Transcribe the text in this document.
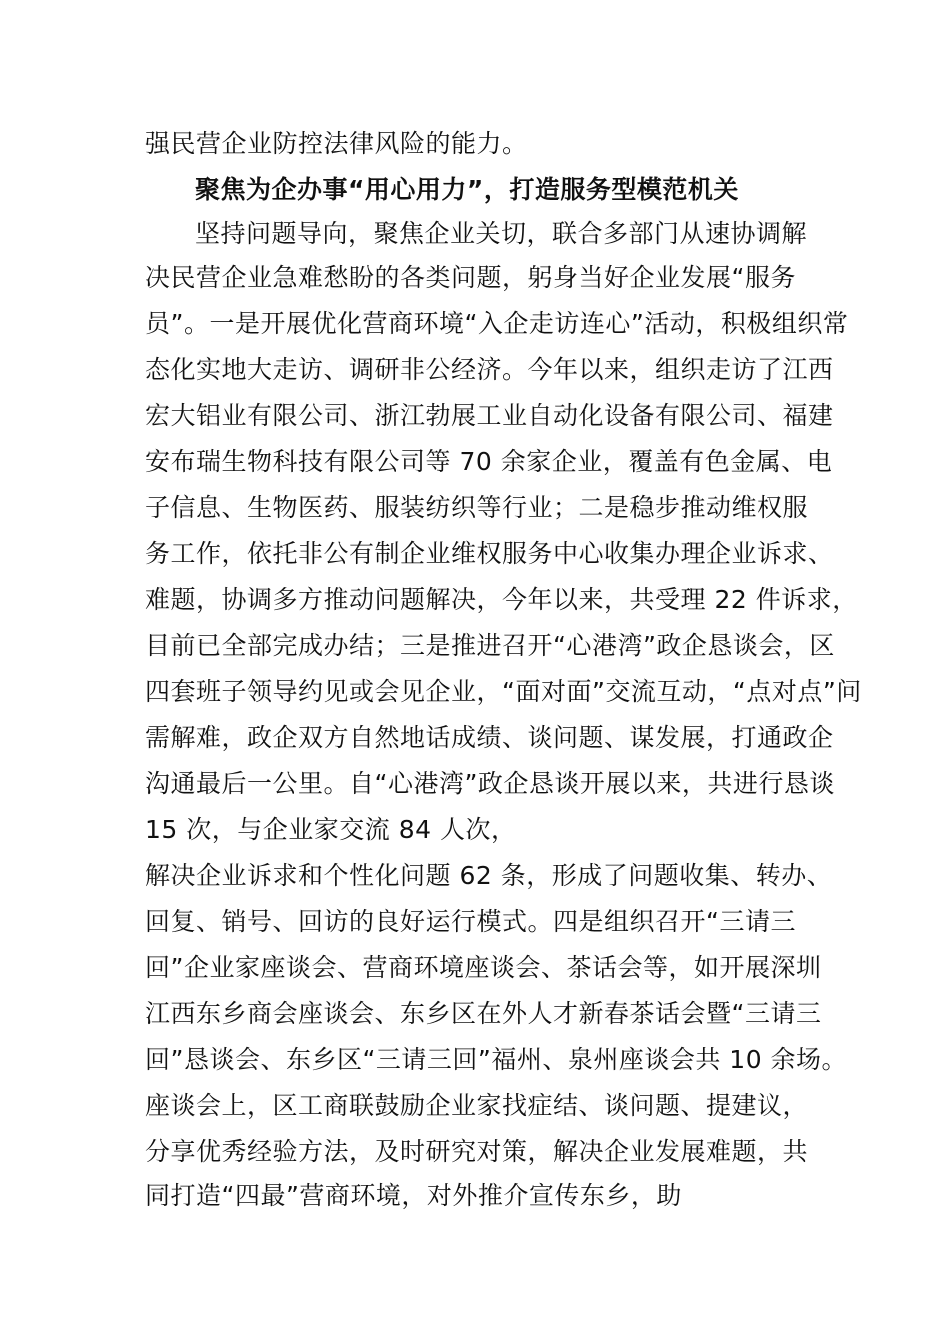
强民营企业防控法律风险的能力。
聚焦为企办事“用心用力”，打造服务型模范机关
坚持问题导向，聚焦企业关切，联合多部门从速协调解
决民营企业急难愁盼的各类问题，躬身当好企业发展“服务
员”。一是开展优化营商环境“入企走访连心”活动，积极组织常
态化实地大走访、调研非公经济。今年以来，组织走访了江西
宏大铝业有限公司、浙江勃展工业自动化设备有限公司、福建
安布瑞生物科技有限公司等 70 余家企业，覆盖有色金属、电
子信息、生物医药、服装纺织等行业；二是稳步推动维权服
务工作，依托非公有制企业维权服务中心收集办理企业诉求、
难题，协调多方推动问题解决，今年以来，共受理 22 件诉求，
目前已全部完成办结；三是推进召开“心港湾”政企恳谈会，区
四套班子领导约见或会见企业，“面对面”交流互动，“点对点”问
需解难，政企双方自然地话成绩、谈问题、谋发展，打通政企
沟通最后一公里。自“心港湾”政企恳谈开展以来，共进行恳谈
15 次，与企业家交流 84 人次，
解决企业诉求和个性化问题 62 条，形成了问题收集、转办、
回复、销号、回访的良好运行模式。四是组织召开“三请三
回”企业家座谈会、营商环境座谈会、茶话会等，如开展深圳
江西东乡商会座谈会、东乡区在外人才新春茶话会暨“三请三
回”恳谈会、东乡区“三请三回”福州、泉州座谈会共 10 余场。
座谈会上，区工商联鼓励企业家找症结、谈问题、提建议，
分享优秀经验方法，及时研究对策，解决企业发展难题，共
同打造“四最”营商环境，对外推介宣传东乡，助
